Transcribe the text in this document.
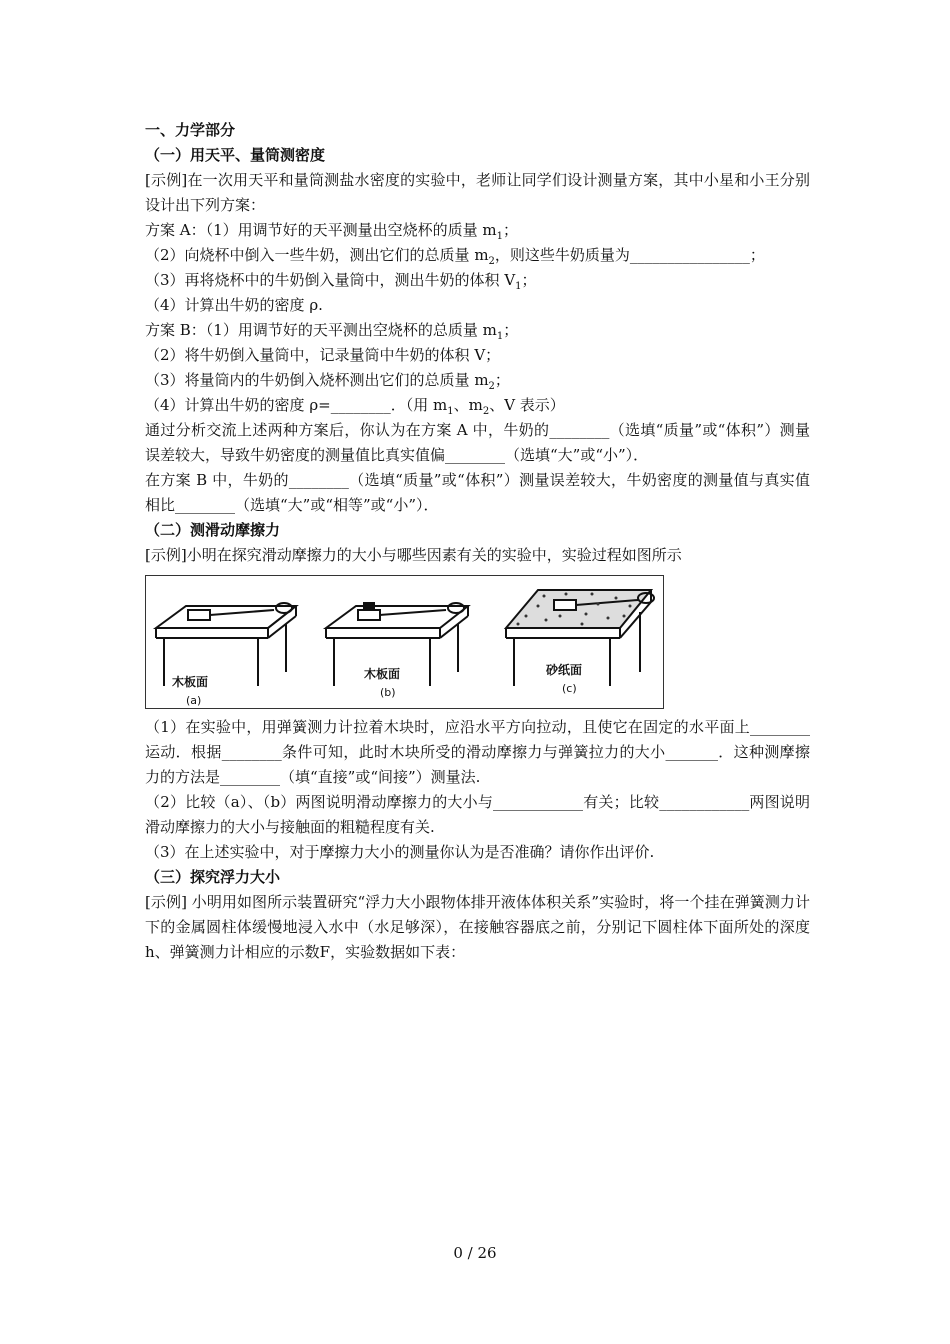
一、力学部分
（一）用天平、量筒测密度
[示例]在一次用天平和量筒测盐水密度的实验中，老师让同学们设计测量方案，其中小星和小王分别设计出下列方案：
方案 A：（1）用调节好的天平测量出空烧杯的质量 $m_1$；
（2）向烧杯中倒入一些牛奶，测出它们的总质量 $m_2$，则这些牛奶质量为________________；
（3）再将烧杯中的牛奶倒入量筒中，测出牛奶的体积 $V_1$；
（4）计算出牛奶的密度 ρ.
方案 B：（1）用调节好的天平测出空烧杯的总质量 $m_1$；
（2）将牛奶倒入量筒中，记录量筒中牛奶的体积 V；
（3）将量筒内的牛奶倒入烧杯测出它们的总质量 $m_2$；
（4）计算出牛奶的密度 ρ=________．（用 $m_1$、$m_2$、V 表示）
通过分析交流上述两种方案后，你认为在方案 A 中，牛奶的________（选填“质量”或“体积”）测量误差较大，导致牛奶密度的测量值比真实值偏________（选填“大”或“小”）．
在方案 B 中，牛奶的________（选填“质量”或“体积”）测量误差较大，牛奶密度的测量值与真实值相比________（选填“大”或“相等”或“小”）．
（二）测滑动摩擦力
[示例]小明在探究滑动摩擦力的大小与哪些因素有关的实验中，实验过程如图所示
木板面
(a)
木板面
(b)
砂纸面
(c)
（1）在实验中，用弹簧测力计拉着木块时，应沿水平方向拉动，且使它在固定的水平面上________运动．根据________条件可知，此时木块所受的滑动摩擦力与弹簧拉力的大小_______．这种测摩擦力的方法是________（填“直接”或“间接”）测量法.
（2）比较（a）、（b）两图说明滑动摩擦力的大小与____________有关；比较____________两图说明滑动摩擦力的大小与接触面的粗糙程度有关.
（3）在上述实验中，对于摩擦力大小的测量你认为是否准确？请你作出评价.
（三）探究浮力大小
[示例] 小明用如图所示装置研究“浮力大小跟物体排开液体体积关系”实验时，将一个挂在弹簧测力计下的金属圆柱体缓慢地浸入水中（水足够深），在接触容器底之前，分别记下圆柱体下面所处的深度h、弹簧测力计相应的示数F，实验数据如下表：
0 / 26
